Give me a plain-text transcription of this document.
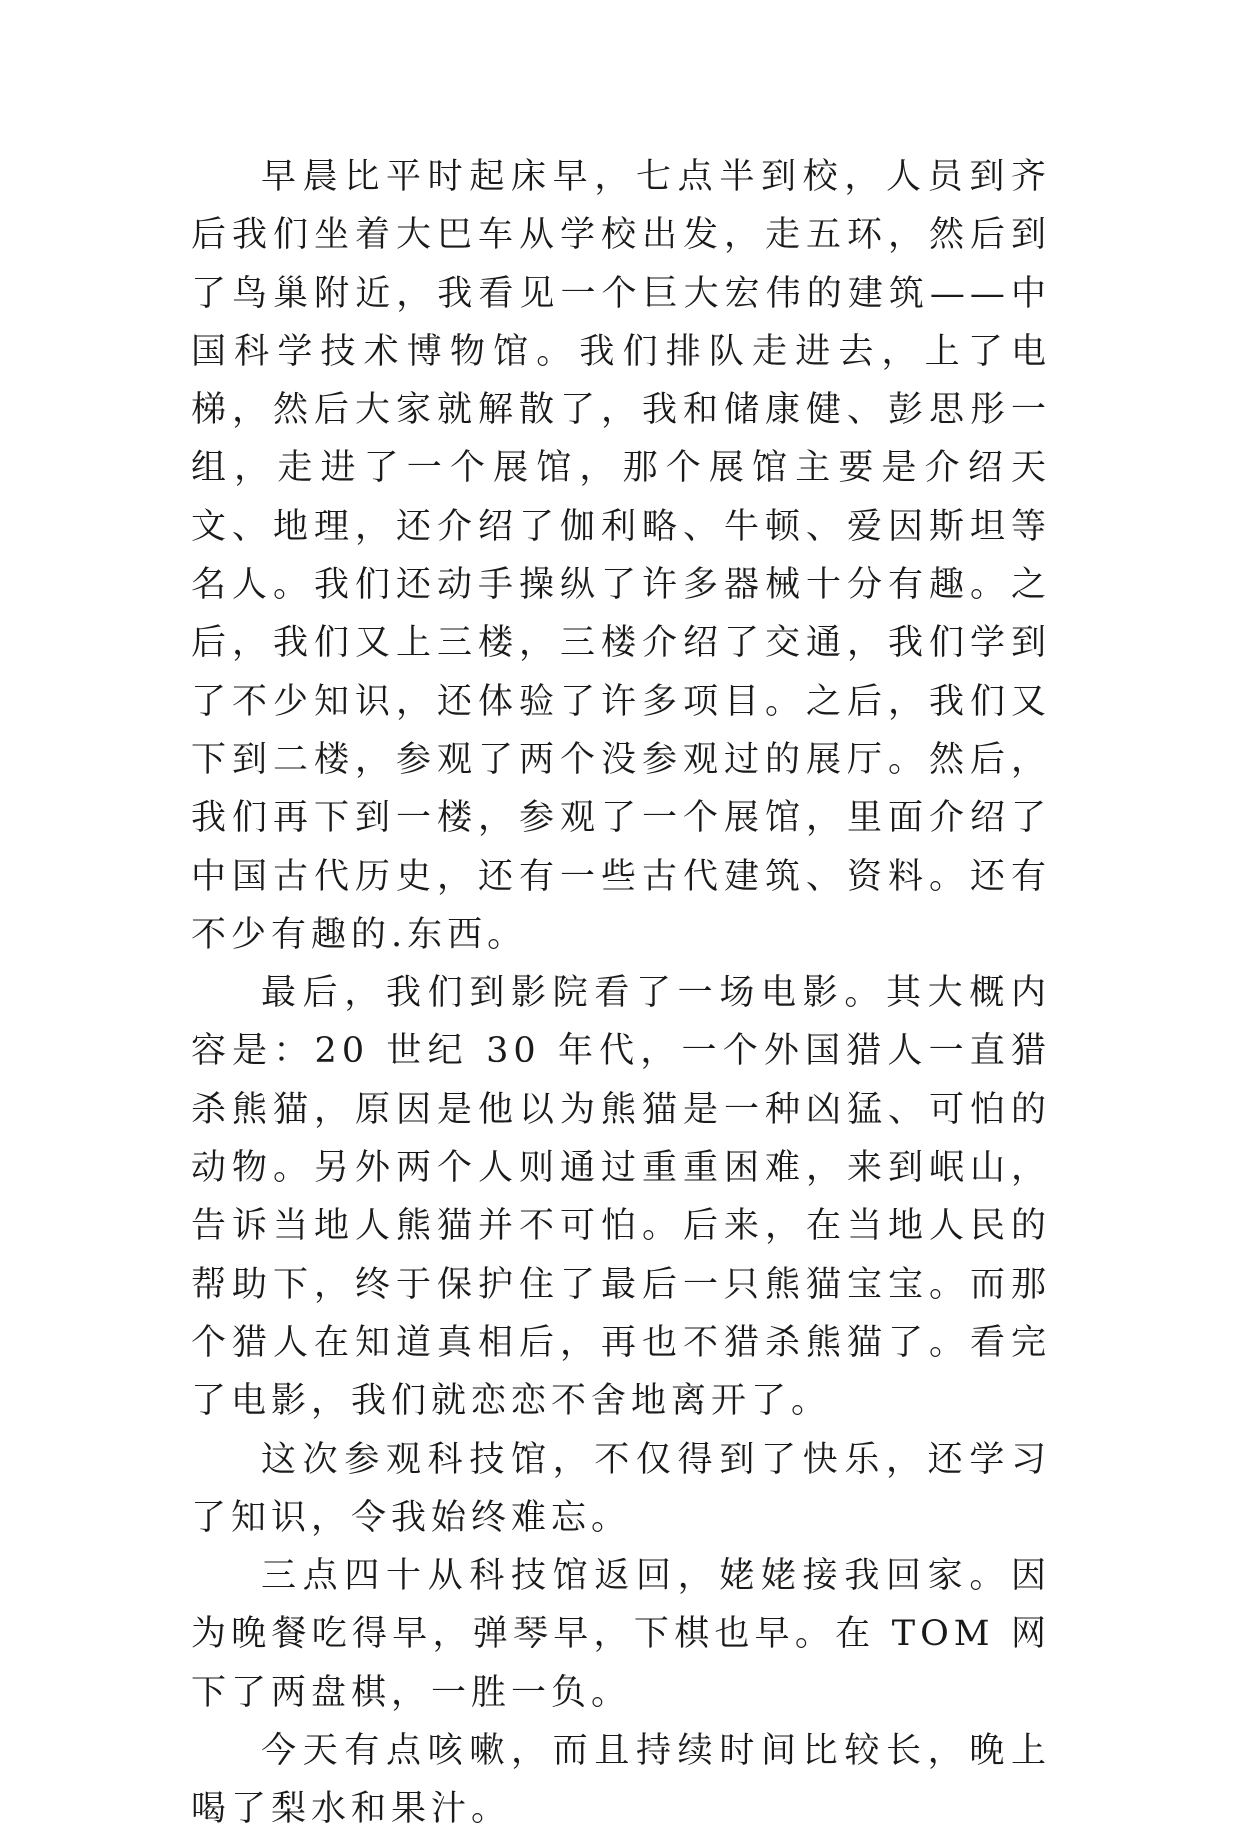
早晨比平时起床早，七点半到校，人员到齐后我们坐着大巴车从学校出发，走五环，然后到了鸟巢附近，我看见一个巨大宏伟的建筑——中国科学技术博物馆。我们排队走进去，上了电梯，然后大家就解散了，我和储康健、彭思彤一组，走进了一个展馆，那个展馆主要是介绍天文、地理，还介绍了伽利略、牛顿、爱因斯坦等名人。我们还动手操纵了许多器械十分有趣。之后，我们又上三楼，三楼介绍了交通，我们学到了不少知识，还体验了许多项目。之后，我们又下到二楼，参观了两个没参观过的展厅。然后，我们再下到一楼，参观了一个展馆，里面介绍了中国古代历史，还有一些古代建筑、资料。还有不少有趣的.东西。

最后，我们到影院看了一场电影。其大概内容是：20 世纪 30 年代，一个外国猎人一直猎杀熊猫，原因是他以为熊猫是一种凶猛、可怕的动物。另外两个人则通过重重困难，来到岷山，告诉当地人熊猫并不可怕。后来，在当地人民的帮助下，终于保护住了最后一只熊猫宝宝。而那个猎人在知道真相后，再也不猎杀熊猫了。看完了电影，我们就恋恋不舍地离开了。

这次参观科技馆，不仅得到了快乐，还学习了知识，令我始终难忘。

三点四十从科技馆返回，姥姥接我回家。因为晚餐吃得早，弹琴早，下棋也早。在 TOM 网下了两盘棋，一胜一负。

今天有点咳嗽，而且持续时间比较长，晚上喝了梨水和果汁。
